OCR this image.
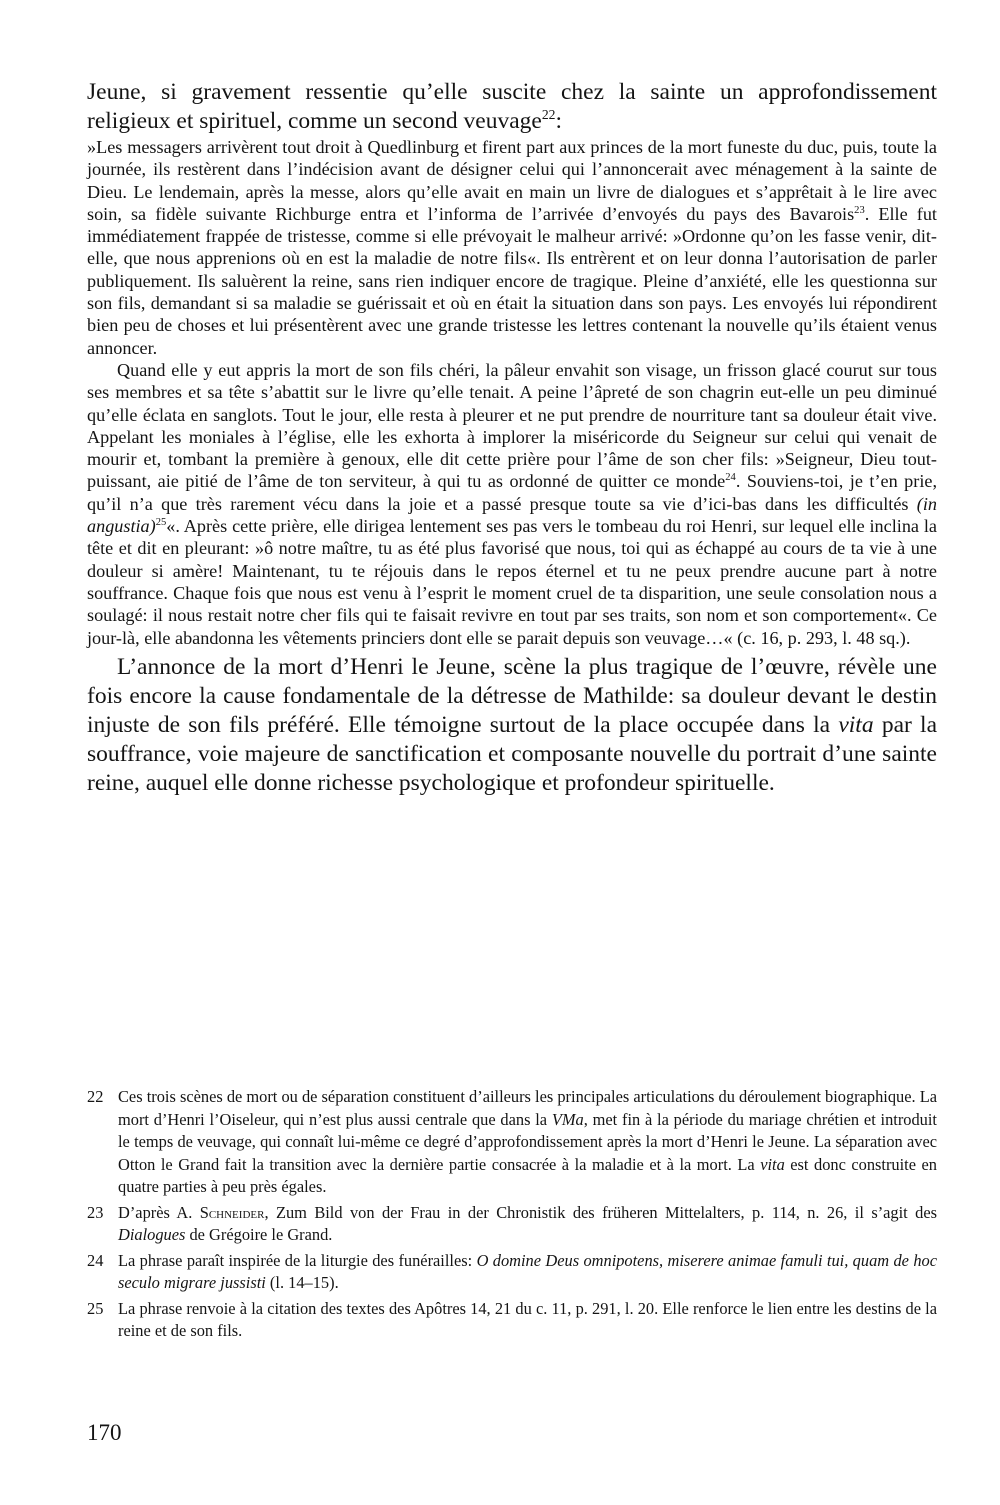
Jeune, si gravement ressentie qu’elle suscite chez la sainte un approfondissement religieux et spirituel, comme un second veuvage$^{22}$:

»Les messagers arrivèrent tout droit à Quedlinburg et firent part aux princes de la mort funeste du duc, puis, toute la journée, ils restèrent dans l’indécision avant de désigner celui qui l’annoncerait avec ménagement à la sainte de Dieu. Le lendemain, après la messe, alors qu’elle avait en main un livre de dialogues et s’apprêtait à le lire avec soin, sa fidèle suivante Richburge entra et l’informa de l’arrivée d’envoyés du pays des Bavarois$^{23}$. Elle fut immédiatement frappée de tristesse, comme si elle prévoyait le malheur arrivé: »Ordonne qu’on les fasse venir, dit-elle, que nous apprenions où en est la maladie de notre fils«. Ils entrèrent et on leur donna l’autorisation de parler publiquement. Ils saluèrent la reine, sans rien indiquer encore de tragique. Pleine d’anxiété, elle les questionna sur son fils, demandant si sa maladie se guérissait et où en était la situation dans son pays. Les envoyés lui répondirent bien peu de choses et lui présentèrent avec une grande tristesse les lettres contenant la nouvelle qu’ils étaient venus annoncer.

Quand elle y eut appris la mort de son fils chéri, la pâleur envahit son visage, un frisson glacé courut sur tous ses membres et sa tête s’abattit sur le livre qu’elle tenait. A peine l’âpreté de son chagrin eut-elle un peu diminué qu’elle éclata en sanglots. Tout le jour, elle resta à pleurer et ne put prendre de nourriture tant sa douleur était vive. Appelant les moniales à l’église, elle les exhorta à implorer la miséricorde du Seigneur sur celui qui venait de mourir et, tombant la première à genoux, elle dit cette prière pour l’âme de son cher fils: »Seigneur, Dieu tout-puissant, aie pitié de l’âme de ton serviteur, à qui tu as ordonné de quitter ce monde$^{24}$. Souviens-toi, je t’en prie, qu’il n’a que très rarement vécu dans la joie et a passé presque toute sa vie d’ici-bas dans les difficultés (in angustia)$^{25}$«. Après cette prière, elle dirigea lentement ses pas vers le tombeau du roi Henri, sur lequel elle inclina la tête et dit en pleurant: »ô notre maître, tu as été plus favorisé que nous, toi qui as échappé au cours de ta vie à une douleur si amère! Maintenant, tu te réjouis dans le repos éternel et tu ne peux prendre aucune part à notre souffrance. Chaque fois que nous est venu à l’esprit le moment cruel de ta disparition, une seule consolation nous a soulagé: il nous restait notre cher fils qui te faisait revivre en tout par ses traits, son nom et son comportement«. Ce jour-là, elle abandonna les vêtements princiers dont elle se parait depuis son veuvage…« (c. 16, p. 293, l. 48 sq.).

L’annonce de la mort d’Henri le Jeune, scène la plus tragique de l’œuvre, révèle une fois encore la cause fondamentale de la détresse de Mathilde: sa douleur devant le destin injuste de son fils préféré. Elle témoigne surtout de la place occupée dans la vita par la souffrance, voie majeure de sanctification et composante nouvelle du portrait d’une sainte reine, auquel elle donne richesse psychologique et profondeur spirituelle.

22 Ces trois scènes de mort ou de séparation constituent d’ailleurs les principales articulations du déroulement biographique. La mort d’Henri l’Oiseleur, qui n’est plus aussi centrale que dans la VMa, met fin à la période du mariage chrétien et introduit le temps de veuvage, qui connaît lui-même ce degré d’approfondissement après la mort d’Henri le Jeune. La séparation avec Otton le Grand fait la transition avec la dernière partie consacrée à la maladie et à la mort. La vita est donc construite en quatre parties à peu près égales.

23 D’après A. Schneider, Zum Bild von der Frau in der Chronistik des früheren Mittelalters, p. 114, n. 26, il s’agit des Dialogues de Grégoire le Grand.

24 La phrase paraît inspirée de la liturgie des funérailles: O domine Deus omnipotens, miserere animae famuli tui, quam de hoc seculo migrare jussisti (l. 14–15).

25 La phrase renvoie à la citation des textes des Apôtres 14, 21 du c. 11, p. 291, l. 20. Elle renforce le lien entre les destins de la reine et de son fils.

170
